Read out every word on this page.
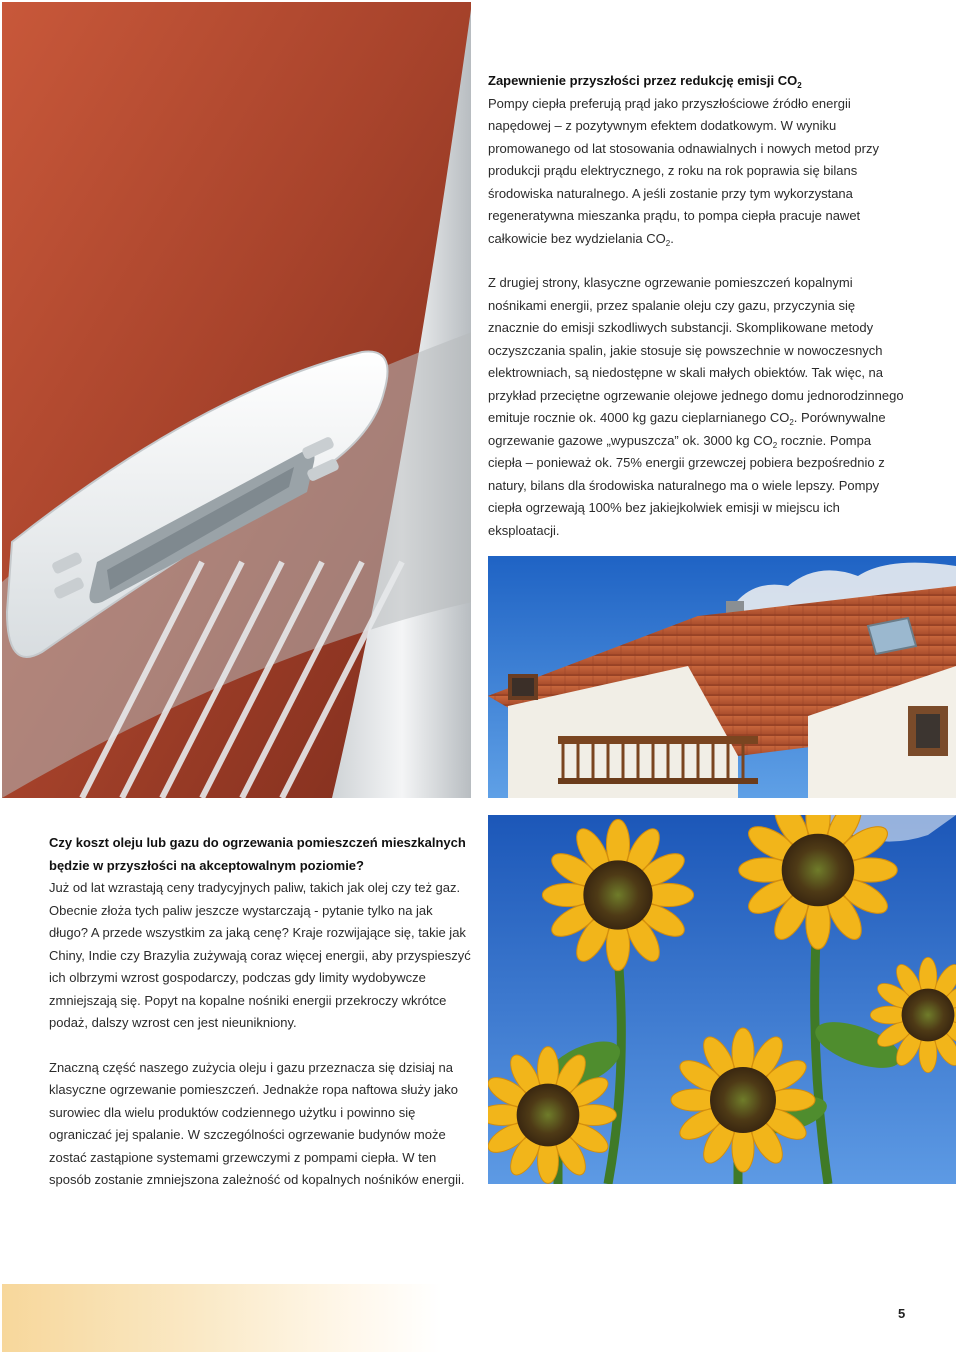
Zapewnienie przyszłości przez redukcję emisji $CO_2$

Pompy ciepła preferują prąd jako przyszłościowe źródło energii napędowej – z pozytywnym efektem dodatkowym. W wyniku promowanego od lat stosowania odnawialnych i nowych metod przy produkcji prądu elektrycznego, z roku na rok poprawia się bilans środowiska naturalnego. A jeśli zostanie przy tym wykorzystana regeneratywna mieszanka prądu, to pompa ciepła pracuje nawet całkowicie bez wydzielania $CO_2$.

Z drugiej strony, klasyczne ogrzewanie pomieszczeń kopalnymi nośnikami energii, przez spalanie oleju czy gazu, przyczynia się znacznie do emisji szkodliwych substancji. Skomplikowane metody oczyszczania spalin, jakie stosuje się powszechnie w nowoczesnych elektrowniach, są niedostępne w skali małych obiektów. Tak więc, na przykład przeciętne ogrzewanie olejowe jednego domu jednorodzinnego emituje rocznie ok. 4000 kg gazu cieplarnianego $CO_2$. Porównywalne ogrzewanie gazowe „wypuszcza” ok. 3000 kg $CO_2$ rocznie. Pompa ciepła – ponieważ ok. 75% energii grzewczej pobiera bezpośrednio z natury, bilans dla środowiska naturalnego ma o wiele lepszy. Pompy ciepła ogrzewają 100% bez jakiejkolwiek emisji w miejscu ich eksploatacji.

Czy koszt oleju lub gazu do ogrzewania pomieszczeń mieszkalnych będzie w przyszłości na akceptowalnym poziomie?

Już od lat wzrastają ceny tradycyjnych paliw, takich jak olej czy też gaz. Obecnie złoża tych paliw jeszcze wystarczają - pytanie tylko na jak długo? A przede wszystkim za jaką cenę? Kraje rozwijające się, takie jak Chiny, Indie czy Brazylia zużywają coraz więcej energii, aby przyspieszyć ich olbrzymi wzrost gospodarczy, podczas gdy limity wydobywcze zmniejszają się. Popyt na kopalne nośniki energii przekroczy wkrótce podaż, dalszy wzrost cen jest nieunikniony.

Znaczną część naszego zużycia oleju i gazu przeznacza się dzisiaj na klasyczne ogrzewanie pomieszczeń. Jednakże ropa naftowa służy jako surowiec dla wielu produktów codziennego użytku i powinno się ograniczać jej spalanie. W szczególności ogrzewanie budynów może zostać zastąpione systemami grzewczymi z pompami ciepła. W ten sposób zostanie zmniejszona zależność od kopalnych nośników energii.

5
